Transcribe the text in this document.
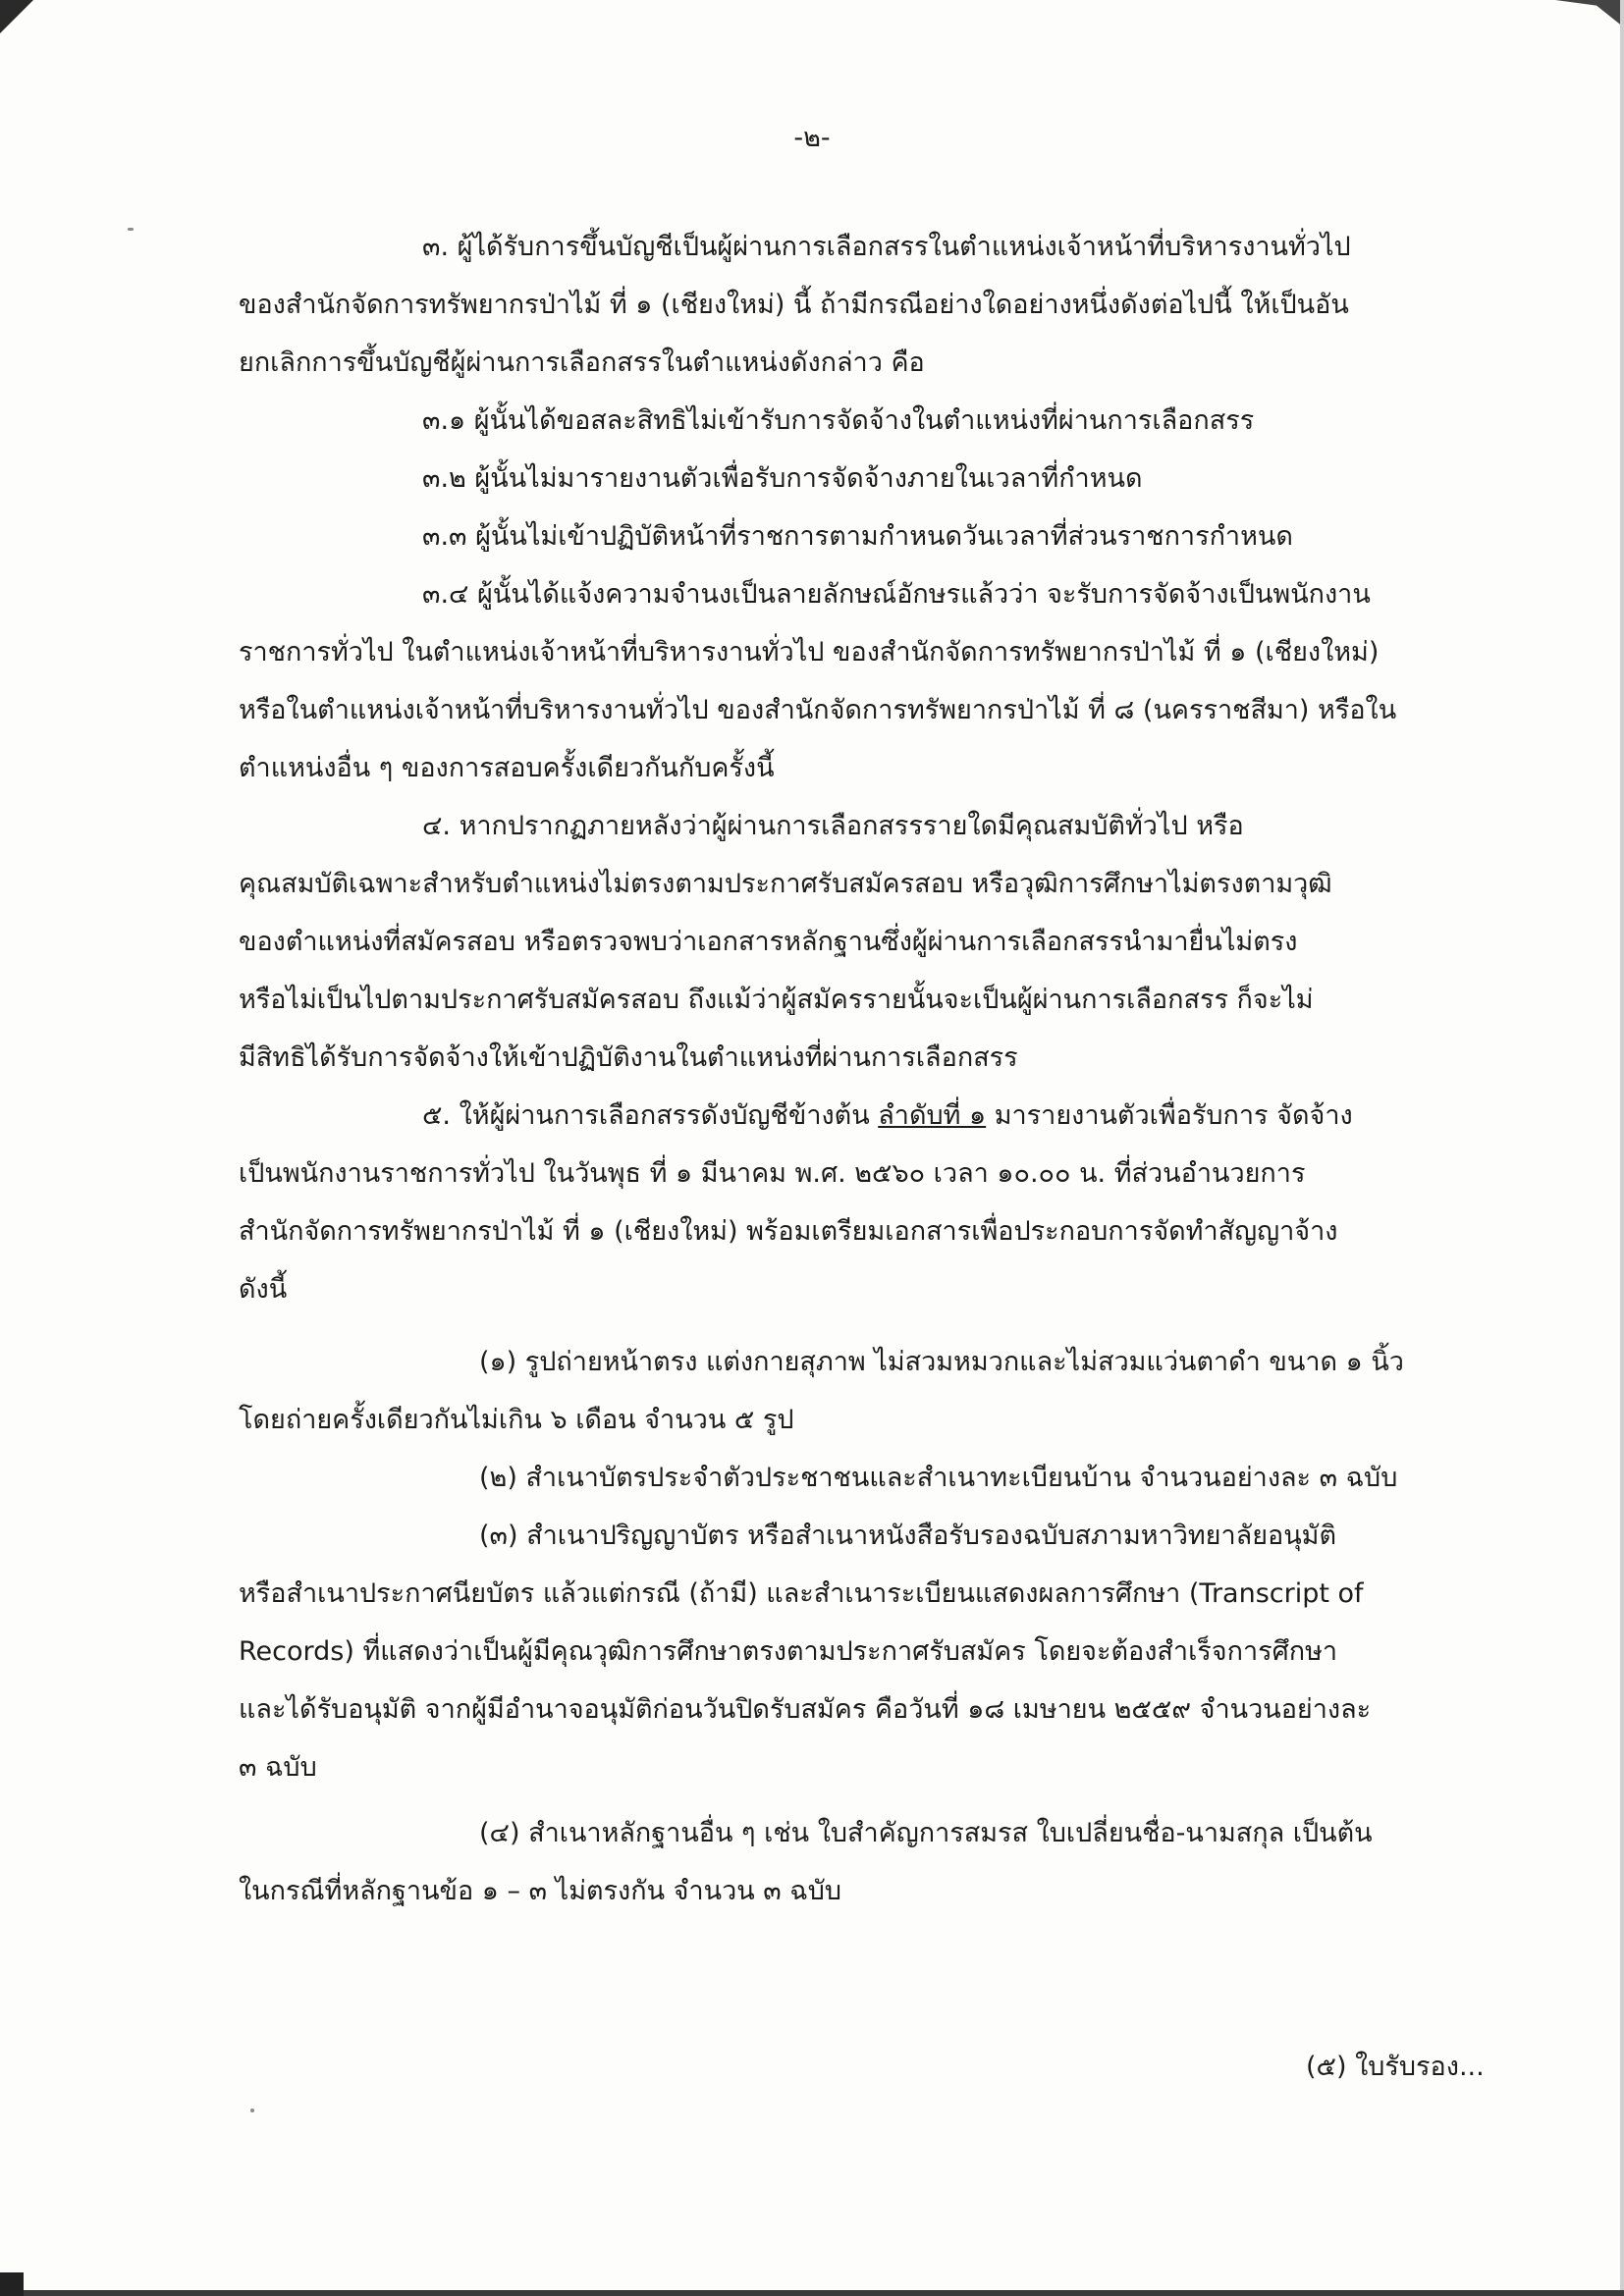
-๒-
๓. ผู้ได้รับการขึ้นบัญชีเป็นผู้ผ่านการเลือกสรรในตำแหน่งเจ้าหน้าที่บริหารงานทั่วไป
ของสำนักจัดการทรัพยากรป่าไม้ ที่ ๑ (เชียงใหม่) นี้ ถ้ามีกรณีอย่างใดอย่างหนึ่งดังต่อไปนี้ ให้เป็นอัน
ยกเลิกการขึ้นบัญชีผู้ผ่านการเลือกสรรในตำแหน่งดังกล่าว คือ
๓.๑ ผู้นั้นได้ขอสละสิทธิไม่เข้ารับการจัดจ้างในตำแหน่งที่ผ่านการเลือกสรร
๓.๒ ผู้นั้นไม่มารายงานตัวเพื่อรับการจัดจ้างภายในเวลาที่กำหนด
๓.๓ ผู้นั้นไม่เข้าปฏิบัติหน้าที่ราชการตามกำหนดวันเวลาที่ส่วนราชการกำหนด
๓.๔ ผู้นั้นได้แจ้งความจำนงเป็นลายลักษณ์อักษรแล้วว่า จะรับการจัดจ้างเป็นพนักงาน
ราชการทั่วไป ในตำแหน่งเจ้าหน้าที่บริหารงานทั่วไป ของสำนักจัดการทรัพยากรป่าไม้ ที่ ๑ (เชียงใหม่)
หรือในตำแหน่งเจ้าหน้าที่บริหารงานทั่วไป ของสำนักจัดการทรัพยากรป่าไม้ ที่ ๘ (นครราชสีมา) หรือใน
ตำแหน่งอื่น ๆ ของการสอบครั้งเดียวกันกับครั้งนี้
๔. หากปรากฏภายหลังว่าผู้ผ่านการเลือกสรรรายใดมีคุณสมบัติทั่วไป หรือ
คุณสมบัติเฉพาะสำหรับตำแหน่งไม่ตรงตามประกาศรับสมัครสอบ หรือวุฒิการศึกษาไม่ตรงตามวุฒิ
ของตำแหน่งที่สมัครสอบ หรือตรวจพบว่าเอกสารหลักฐานซึ่งผู้ผ่านการเลือกสรรนำมายื่นไม่ตรง
หรือไม่เป็นไปตามประกาศรับสมัครสอบ ถึงแม้ว่าผู้สมัครรายนั้นจะเป็นผู้ผ่านการเลือกสรร ก็จะไม่
มีสิทธิได้รับการจัดจ้างให้เข้าปฏิบัติงานในตำแหน่งที่ผ่านการเลือกสรร
๕. ให้ผู้ผ่านการเลือกสรรดังบัญชีข้างต้น ลำดับที่ ๑ มารายงานตัวเพื่อรับการ จัดจ้าง
เป็นพนักงานราชการทั่วไป ในวันพุธ ที่ ๑ มีนาคม พ.ศ. ๒๕๖๐ เวลา ๑๐.๐๐ น. ที่ส่วนอำนวยการ
สำนักจัดการทรัพยากรป่าไม้ ที่ ๑ (เชียงใหม่) พร้อมเตรียมเอกสารเพื่อประกอบการจัดทำสัญญาจ้าง
ดังนี้
(๑) รูปถ่ายหน้าตรง แต่งกายสุภาพ ไม่สวมหมวกและไม่สวมแว่นตาดำ ขนาด ๑ นิ้ว
โดยถ่ายครั้งเดียวกันไม่เกิน ๖ เดือน จำนวน ๕ รูป
(๒) สำเนาบัตรประจำตัวประชาชนและสำเนาทะเบียนบ้าน จำนวนอย่างละ ๓ ฉบับ
(๓) สำเนาปริญญาบัตร หรือสำเนาหนังสือรับรองฉบับสภามหาวิทยาลัยอนุมัติ
หรือสำเนาประกาศนียบัตร แล้วแต่กรณี (ถ้ามี) และสำเนาระเบียนแสดงผลการศึกษา (Transcript of
Records) ที่แสดงว่าเป็นผู้มีคุณวุฒิการศึกษาตรงตามประกาศรับสมัคร โดยจะต้องสำเร็จการศึกษา
และได้รับอนุมัติ จากผู้มีอำนาจอนุมัติก่อนวันปิดรับสมัคร คือวันที่ ๑๘ เมษายน ๒๕๕๙ จำนวนอย่างละ
๓ ฉบับ
(๔) สำเนาหลักฐานอื่น ๆ เช่น ใบสำคัญการสมรส ใบเปลี่ยนชื่อ-นามสกุล เป็นต้น
ในกรณีที่หลักฐานข้อ ๑ – ๓ ไม่ตรงกัน จำนวน ๓ ฉบับ
(๕) ใบรับรอง...
